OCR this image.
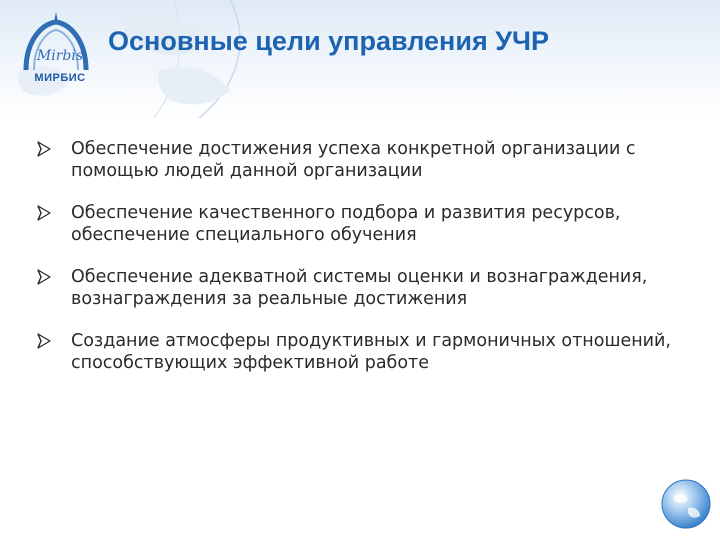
Mirbis
МИРБИС
Основные цели управления УЧР
Обеспечение достижения успеха конкретной организации с помощью людей данной организации
Обеспечение качественного подбора и развития ресурсов, обеспечение специального обучения
Обеспечение адекватной системы оценки и вознаграждения, вознаграждения за реальные достижения
Создание атмосферы продуктивных и гармоничных отношений, способствующих эффективной работе
